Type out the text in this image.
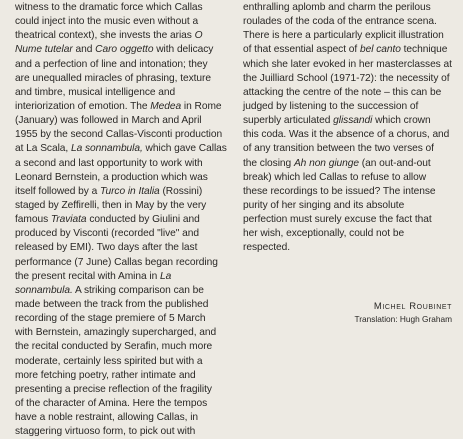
witness to the dramatic force which Callas
could inject into the music even without a
theatrical context), she invests the arias O
Nume tutelar and Caro oggetto with delicacy
and a perfection of line and intonation; they
are unequalled miracles of phrasing, texture
and timbre, musical intelligence and
interiorization of emotion. The Medea in Rome
(January) was followed in March and April
1955 by the second Callas-Visconti production
at La Scala, La sonnambula, which gave Callas
a second and last opportunity to work with
Leonard Bernstein, a production which was
itself followed by a Turco in Italia (Rossini)
staged by Zeffirelli, then in May by the very
famous Traviata conducted by Giulini and
produced by Visconti (recorded "live" and
released by EMI). Two days after the last
performance (7 June) Callas began recording
the present recital with Amina in La
sonnambula. A striking comparison can be
made between the track from the published
recording of the stage premiere of 5 March
with Bernstein, amazingly supercharged, and
the recital conducted by Serafin, much more
moderate, certainly less spirited but with a
more fetching poetry, rather intimate and
presenting a precise reflection of the fragility
of the character of Amina. Here the tempos
have a noble restraint, allowing Callas, in
staggering virtuoso form, to pick out with
enthralling aplomb and charm the perilous
roulades of the coda of the entrance scena.
There is here a particularly explicit illustration
of that essential aspect of bel canto technique
which she later evoked in her masterclasses at
the Juilliard School (1971-72): the necessity of
attacking the centre of the note – this can be
judged by listening to the succession of
superbly articulated glissandi which crown
this coda. Was it the absence of a chorus, and
of any transition between the two verses of
the closing Ah non giunge (an out-and-out
break) which led Callas to refuse to allow
these recordings to be issued? The intense
purity of her singing and its absolute
perfection must surely excuse the fact that
her wish, exceptionally, could not be
respected.
Michel Roubinet
Translation: Hugh Graham
